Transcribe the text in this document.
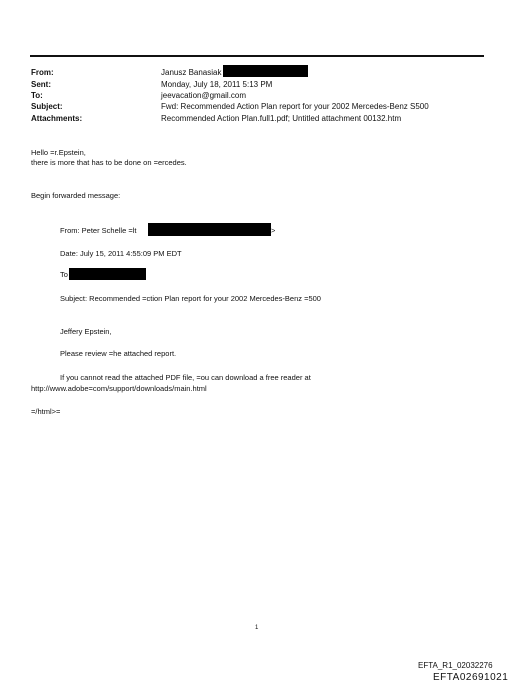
From:	Janusz Banasiak
Sent:	Monday, July 18, 2011 5:13 PM
To:	jeevacation@gmail.com
Subject:	Fwd: Recommended Action Plan report for your 2002 Mercedes-Benz S500
Attachments:	Recommended Action Plan.full1.pdf; Untitled attachment 00132.htm
Hello =r.Epstein,
there is more that has to be done on =ercedes.
Begin forwarded message:
From: Peter Schelle =lt	>
Date: July 15, 2011 4:55:09 PM EDT
To
Subject: Recommended =ction Plan report for your 2002 Mercedes-Benz =500
Jeffery Epstein,
Please review =he attached report.
If you cannot read the attached PDF file, =ou can download a free reader at
http://www.adobe=com/support/downloads/main.html
=/html>=
1
EFTA_R1_02032276
EFTA02691021
